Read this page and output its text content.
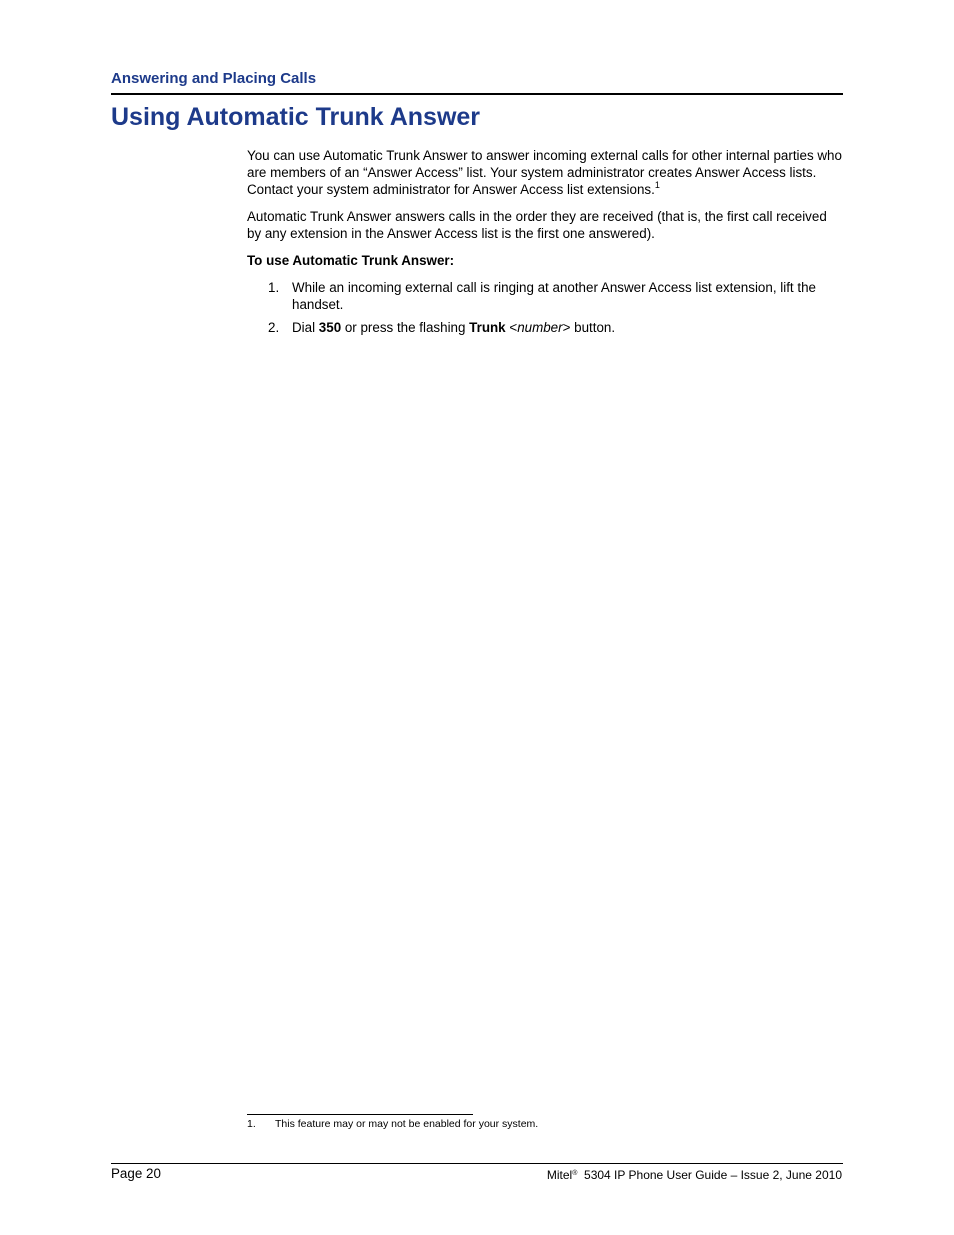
Answering and Placing Calls
Using Automatic Trunk Answer

You can use Automatic Trunk Answer to answer incoming external calls for other internal parties who are members of an “Answer Access” list. Your system administrator creates Answer Access lists. Contact your system administrator for Answer Access list extensions.$^1$

Automatic Trunk Answer answers calls in the order they are received (that is, the first call received by any extension in the Answer Access list is the first one answered).

To use Automatic Trunk Answer:

1. While an incoming external call is ringing at another Answer Access list extension, lift the handset.
2. Dial 350 or press the flashing Trunk <number> button.
1. This feature may or may not be enabled for your system.
Page 20	Mitel®  5304 IP Phone User Guide – Issue 2, June 2010
